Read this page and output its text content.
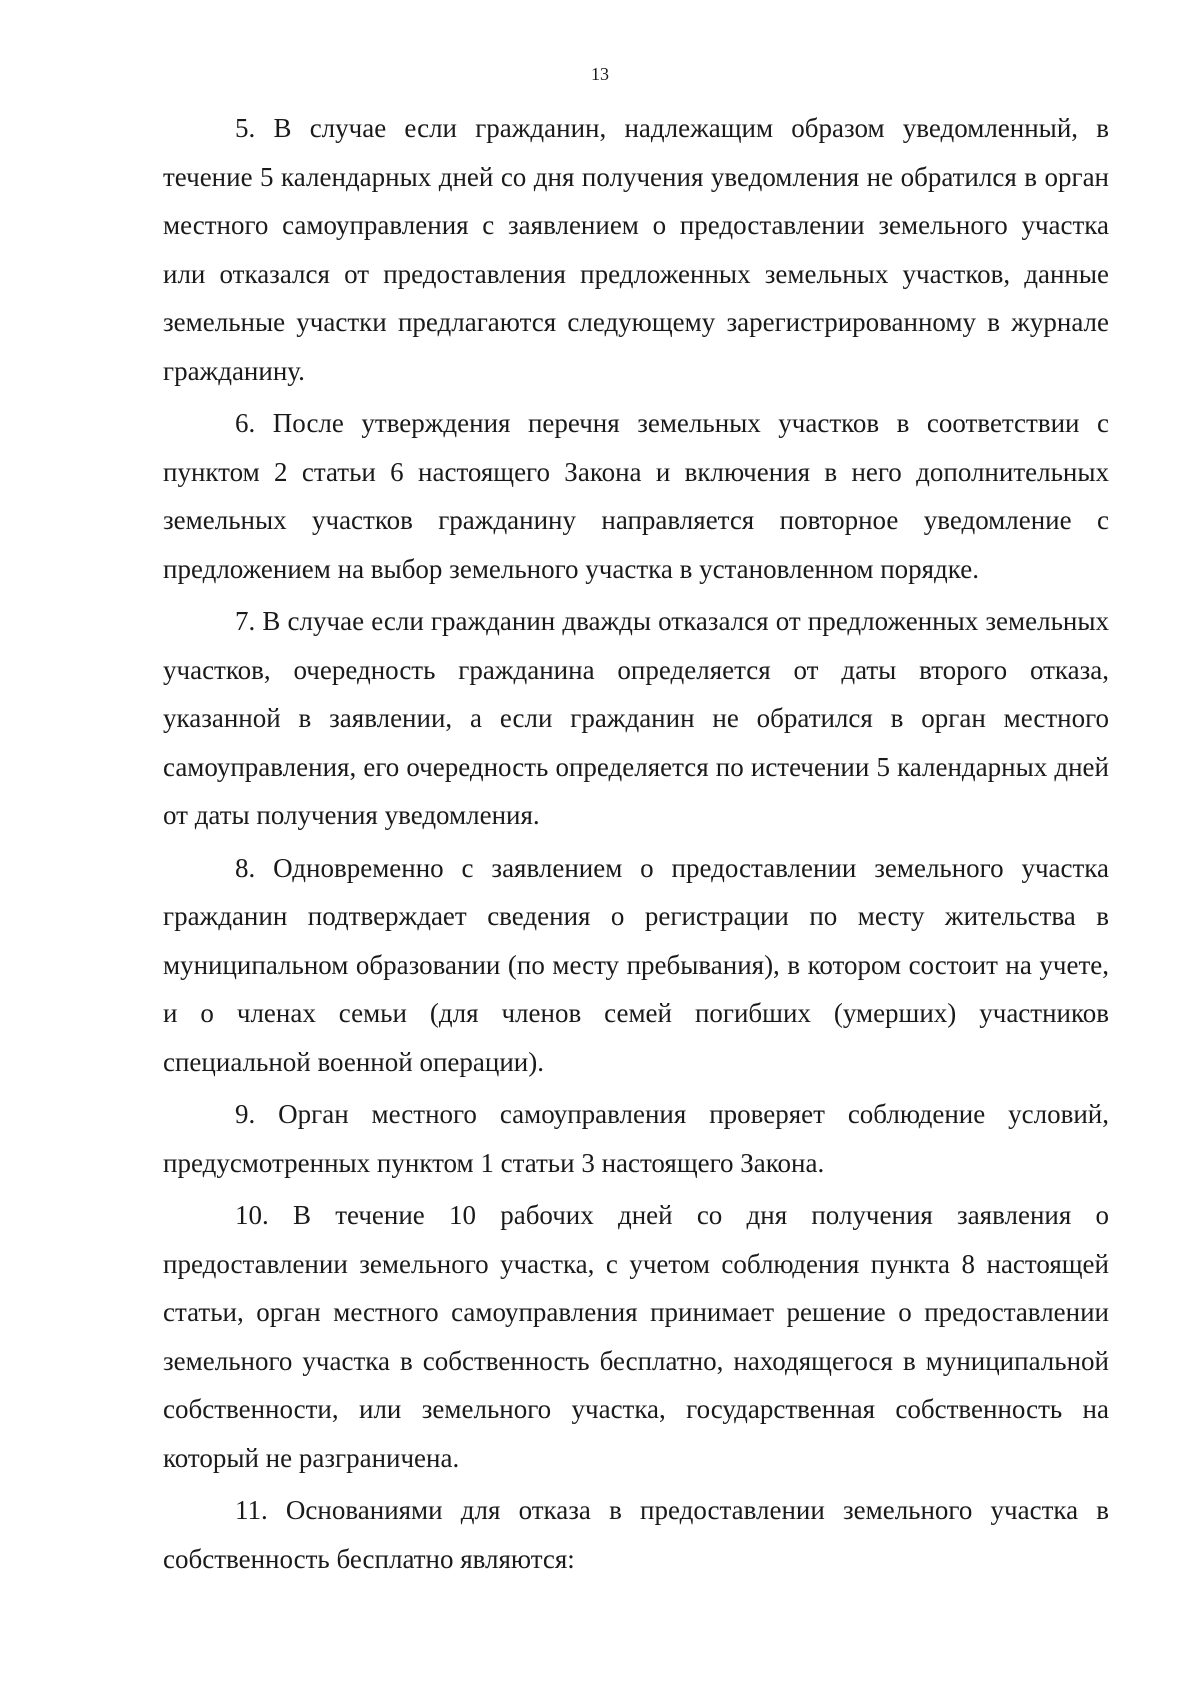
13

5. В случае если гражданин, надлежащим образом уведомленный, в течение 5 календарных дней со дня получения уведомления не обратился в орган местного самоуправления с заявлением о предоставлении земельного участка или отказался от предоставления предложенных земельных участков, данные земельные участки предлагаются следующему зарегистрированному в журнале гражданину.

6. После утверждения перечня земельных участков в соответствии с пунктом 2 статьи 6 настоящего Закона и включения в него дополнительных земельных участков гражданину направляется повторное уведомление с предложением на выбор земельного участка в установленном порядке.

7. В случае если гражданин дважды отказался от предложенных земельных участков, очередность гражданина определяется от даты второго отказа, указанной в заявлении, а если гражданин не обратился в орган местного самоуправления, его очередность определяется по истечении 5 календарных дней от даты получения уведомления.

8. Одновременно с заявлением о предоставлении земельного участка гражданин подтверждает сведения о регистрации по месту жительства в муниципальном образовании (по месту пребывания), в котором состоит на учете, и о членах семьи (для членов семей погибших (умерших) участников специальной военной операции).

9. Орган местного самоуправления проверяет соблюдение условий, предусмотренных пунктом 1 статьи 3 настоящего Закона.

10. В течение 10 рабочих дней со дня получения заявления о предоставлении земельного участка, с учетом соблюдения пункта 8 настоящей статьи, орган местного самоуправления принимает решение о предоставлении земельного участка в собственность бесплатно, находящегося в муниципальной собственности, или земельного участка, государственная собственность на который не разграничена.

11. Основаниями для отказа в предоставлении земельного участка в собственность бесплатно являются:
